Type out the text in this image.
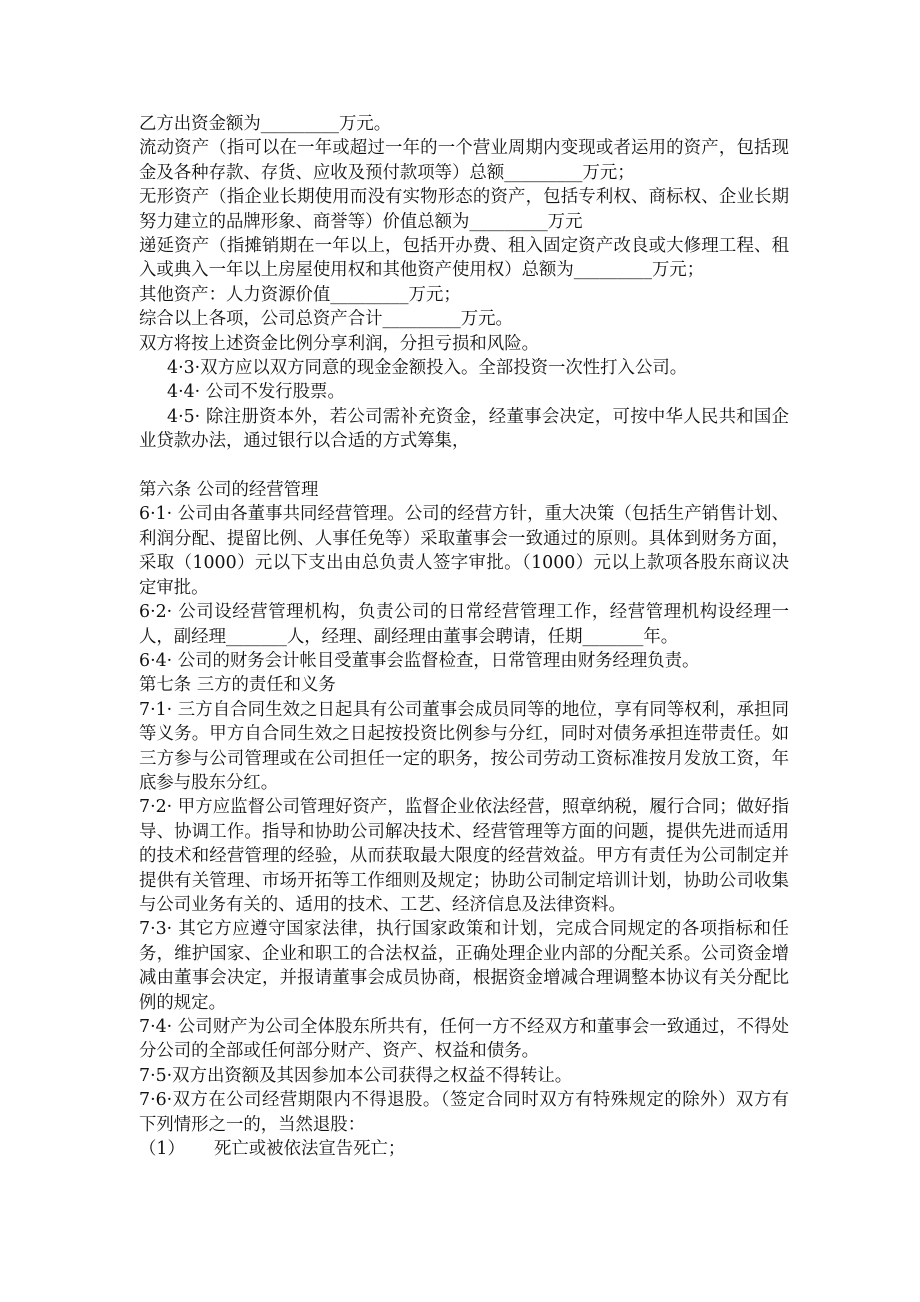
乙方出资金额为_________万元。

流动资产（指可以在一年或超过一年的一个营业周期内变现或者运用的资产，包括现金及各种存款、存货、应收及预付款项等）总额_________万元；

无形资产（指企业长期使用而没有实物形态的资产，包括专利权、商标权、企业长期努力建立的品牌形象、商誉等）价值总额为_________万元

递延资产（指摊销期在一年以上，包括开办费、租入固定资产改良或大修理工程、租入或典入一年以上房屋使用权和其他资产使用权）总额为_________万元；

其他资产：人力资源价值_________万元；

综合以上各项，公司总资产合计_________万元。

双方将按上述资金比例分享利润，分担亏损和风险。

4·3·双方应以双方同意的现金金额投入。全部投资一次性打入公司。

4·4· 公司不发行股票。

4·5· 除注册资本外，若公司需补充资金，经董事会决定，可按中华人民共和国企业贷款办法，通过银行以合适的方式筹集，

第六条 公司的经营管理

6·1· 公司由各董事共同经营管理。公司的经营方针，重大决策（包括生产销售计划、利润分配、提留比例、人事任免等）采取董事会一致通过的原则。具体到财务方面，采取（1000）元以下支出由总负责人签字审批。（1000）元以上款项各股东商议决定审批。

6·2· 公司设经营管理机构，负责公司的日常经营管理工作，经营管理机构设经理一人，副经理_______人，经理、副经理由董事会聘请，任期_______年。

6·4· 公司的财务会计帐目受董事会监督检查，日常管理由财务经理负责。

第七条 三方的责任和义务

7·1· 三方自合同生效之日起具有公司董事会成员同等的地位，享有同等权利，承担同等义务。甲方自合同生效之日起按投资比例参与分红，同时对债务承担连带责任。如三方参与公司管理或在公司担任一定的职务，按公司劳动工资标准按月发放工资，年底参与股东分红。

7·2· 甲方应监督公司管理好资产，监督企业依法经营，照章纳税，履行合同；做好指导、协调工作。指导和协助公司解决技术、经营管理等方面的问题，提供先进而适用的技术和经营管理的经验，从而获取最大限度的经营效益。甲方有责任为公司制定并提供有关管理、市场开拓等工作细则及规定；协助公司制定培训计划，协助公司收集与公司业务有关的、适用的技术、工艺、经济信息及法律资料。

7·3· 其它方应遵守国家法律，执行国家政策和计划，完成合同规定的各项指标和任务，维护国家、企业和职工的合法权益，正确处理企业内部的分配关系。公司资金增减由董事会决定，并报请董事会成员协商，根据资金增减合理调整本协议有关分配比例的规定。

7·4· 公司财产为公司全体股东所共有，任何一方不经双方和董事会一致通过，不得处分公司的全部或任何部分财产、资产、权益和债务。

7·5·双方出资额及其因参加本公司获得之权益不得转让。

7·6·双方在公司经营期限内不得退股。（签定合同时双方有特殊规定的除外）双方有下列情形之一的，当然退股：

（1） 死亡或被依法宣告死亡；
